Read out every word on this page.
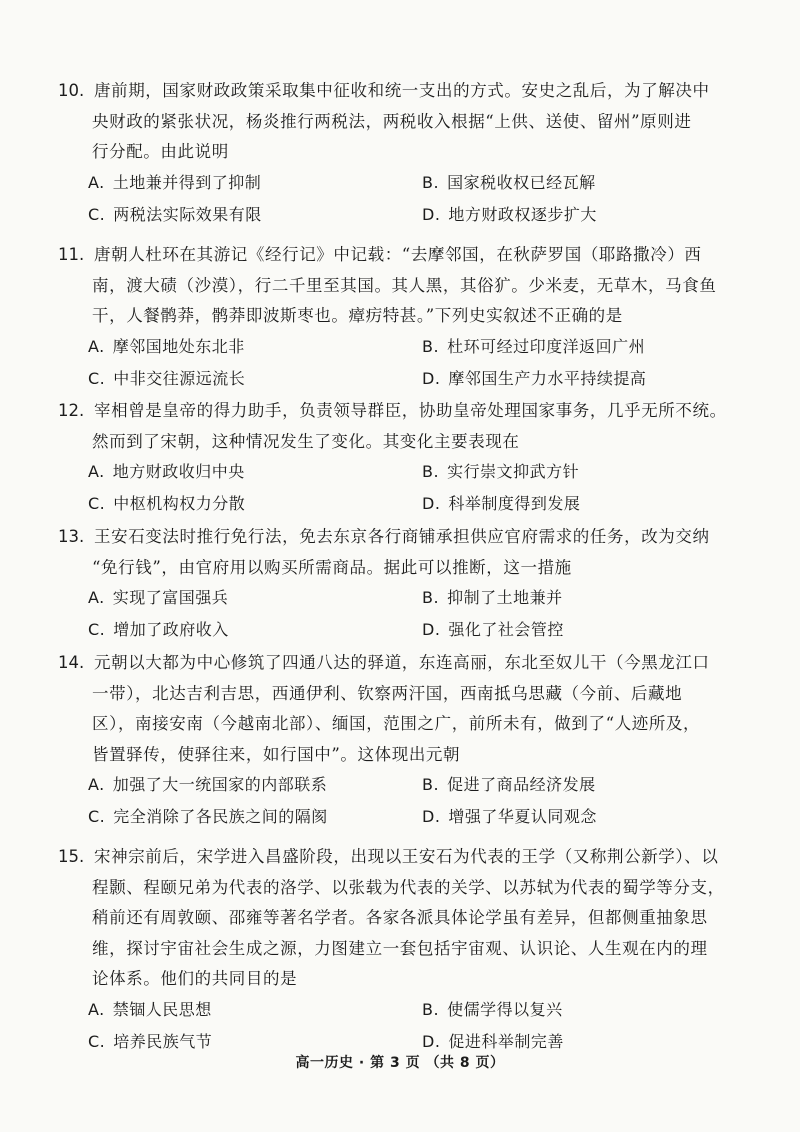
10. 唐前期，国家财政政策采取集中征收和统一支出的方式。安史之乱后，为了解决中
央财政的紧张状况，杨炎推行两税法，两税收入根据“上供、送使、留州”原则进
行分配。由此说明
A. 土地兼并得到了抑制	B. 国家税收权已经瓦解
C. 两税法实际效果有限	D. 地方财政权逐步扩大
11. 唐朝人杜环在其游记《经行记》中记载：“去摩邻国，在秋萨罗国（耶路撒冷）西
南，渡大碛（沙漠），行二千里至其国。其人黑，其俗犷。少米麦，无草木，马食鱼
干，人餐鹘莽，鹘莽即波斯枣也。瘴疠特甚。”下列史实叙述不正确的是
A. 摩邻国地处东北非	B. 杜环可经过印度洋返回广州
C. 中非交往源远流长	D. 摩邻国生产力水平持续提高
12. 宰相曾是皇帝的得力助手，负责领导群臣，协助皇帝处理国家事务，几乎无所不统。
然而到了宋朝，这种情况发生了变化。其变化主要表现在
A. 地方财政收归中央	B. 实行崇文抑武方针
C. 中枢机构权力分散	D. 科举制度得到发展
13. 王安石变法时推行免行法，免去东京各行商铺承担供应官府需求的任务，改为交纳
“免行钱”，由官府用以购买所需商品。据此可以推断，这一措施
A. 实现了富国强兵	B. 抑制了土地兼并
C. 增加了政府收入	D. 强化了社会管控
14. 元朝以大都为中心修筑了四通八达的驿道，东连高丽，东北至奴儿干（今黑龙江口
一带），北达吉利吉思，西通伊利、钦察两汗国，西南抵乌思藏（今前、后藏地
区），南接安南（今越南北部）、缅国，范围之广，前所未有，做到了“人迹所及，
皆置驿传，使驿往来，如行国中”。这体现出元朝
A. 加强了大一统国家的内部联系	B. 促进了商品经济发展
C. 完全消除了各民族之间的隔阂	D. 增强了华夏认同观念
15. 宋神宗前后，宋学进入昌盛阶段，出现以王安石为代表的王学（又称荆公新学）、以
程颢、程颐兄弟为代表的洛学、以张载为代表的关学、以苏轼为代表的蜀学等分支，
稍前还有周敦颐、邵雍等著名学者。各家各派具体论学虽有差异，但都侧重抽象思
维，探讨宇宙社会生成之源，力图建立一套包括宇宙观、认识论、人生观在内的理
论体系。他们的共同目的是
A. 禁锢人民思想	B. 使儒学得以复兴
C. 培养民族气节	D. 促进科举制完善
高一历史 · 第 3 页 （共 8 页）
